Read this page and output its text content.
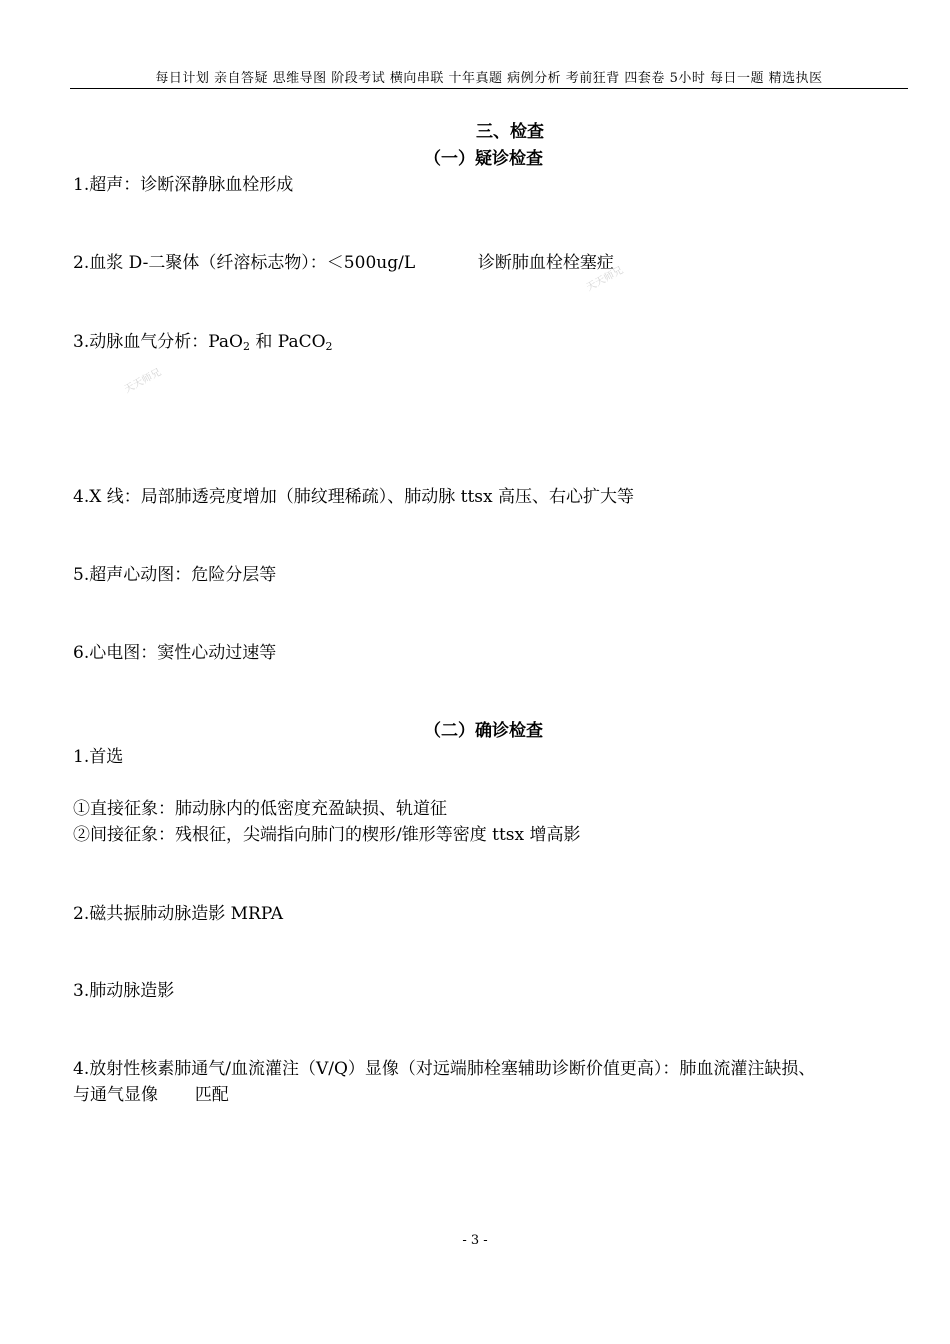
每日计划 亲自答疑 思维导图 阶段考试 横向串联 十年真题 病例分析 考前狂背 四套卷 5小时 每日一题 精选执医
三、检查
（一）疑诊检查
1.超声：诊断深静脉血栓形成
2.血浆 D-二聚体（纤溶标志物）：＜500ug/L	诊断肺血栓栓塞症
3.动脉血气分析：PaO$_2$ 和 PaCO$_2$
4.X 线：局部肺透亮度增加（肺纹理稀疏）、肺动脉 ttsx 高压、右心扩大等
5.超声心动图：危险分层等
6.心电图：窦性心动过速等
（二）确诊检查
1.首选
①直接征象：肺动脉内的低密度充盈缺损、轨道征
②间接征象：残根征，尖端指向肺门的楔形/锥形等密度 ttsx 增高影
2.磁共振肺动脉造影 MRPA
3.肺动脉造影
4.放射性核素肺通气/血流灌注（V/Q）显像（对远端肺栓塞辅助诊断价值更高）：肺血流灌注缺损、
与通气显像 匹配
天天师兄
天天师兄
- 3 -
